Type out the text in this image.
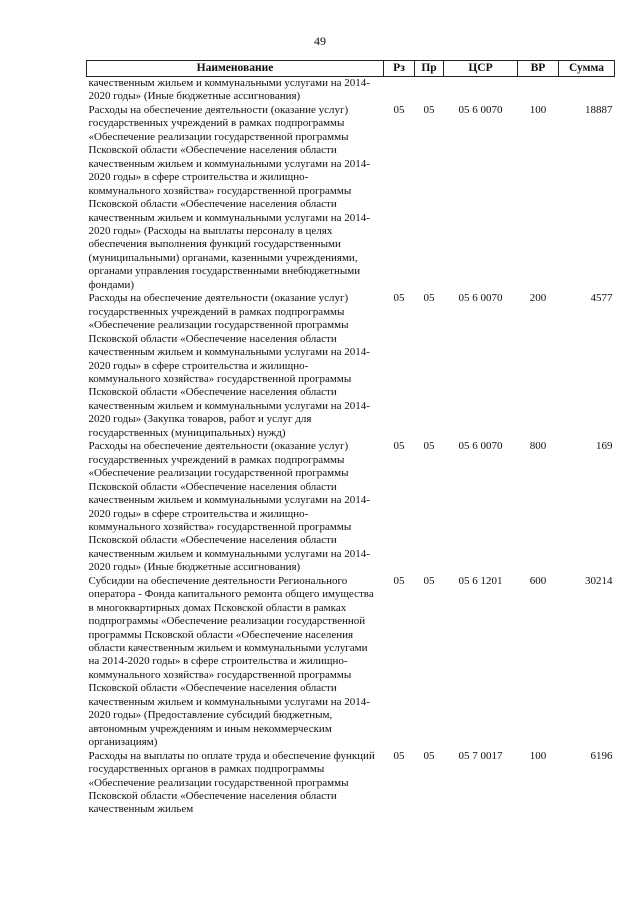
49
Наименование	Рз	Пр	ЦСР	ВР	Сумма
качественным жильем и коммунальными услугами на 2014-2020 годы» (Иные бюджетные ассигнования)					
Расходы на обеспечение деятельности (оказание услуг) государственных учреждений в рамках подпрограммы «Обеспечение реализации государственной программы Псковской области «Обеспечение населения области качественным жильем и коммунальными услугами на 2014-2020 годы» в сфере строительства и жилищно-коммунального хозяйства» государственной программы Псковской области «Обеспечение населения области качественным жильем и коммунальными услугами на 2014-2020 годы» (Расходы на выплаты персоналу в целях обеспечения выполнения функций государственными (муниципальными) органами, казенными учреждениями, органами управления государственными внебюджетными фондами)	05	05	05 6 0070	100	18887
Расходы на обеспечение деятельности (оказание услуг) государственных учреждений в рамках подпрограммы «Обеспечение реализации государственной программы Псковской области «Обеспечение населения области качественным жильем и коммунальными услугами на 2014-2020 годы» в сфере строительства и жилищно-коммунального хозяйства» государственной программы Псковской области «Обеспечение населения области качественным жильем и коммунальными услугами на 2014-2020 годы» (Закупка товаров, работ и услуг для государственных (муниципальных) нужд)	05	05	05 6 0070	200	4577
Расходы на обеспечение деятельности (оказание услуг) государственных учреждений в рамках подпрограммы «Обеспечение реализации государственной программы Псковской области «Обеспечение населения области качественным жильем и коммунальными услугами на 2014-2020 годы» в сфере строительства и жилищно-коммунального хозяйства» государственной программы Псковской области «Обеспечение населения области качественным жильем и коммунальными услугами на 2014-2020 годы» (Иные бюджетные ассигнования)	05	05	05 6 0070	800	169
Субсидии на обеспечение деятельности Регионального оператора - Фонда капитального ремонта общего имущества в многоквартирных домах Псковской области в рамках подпрограммы «Обеспечение реализации государственной программы Псковской области «Обеспечение населения области качественным жильем и коммунальными услугами на 2014-2020 годы» в сфере строительства и жилищно-коммунального хозяйства» государственной программы Псковской области «Обеспечение населения области качественным жильем и коммунальными услугами на 2014-2020 годы» (Предоставление субсидий бюджетным, автономным учреждениям и иным некоммерческим организациям)	05	05	05 6 1201	600	30214
Расходы на выплаты по оплате труда и обеспечение функций государственных органов в рамках подпрограммы «Обеспечение реализации государственной программы Псковской области «Обеспечение населения области качественным жильем	05	05	05 7 0017	100	6196
